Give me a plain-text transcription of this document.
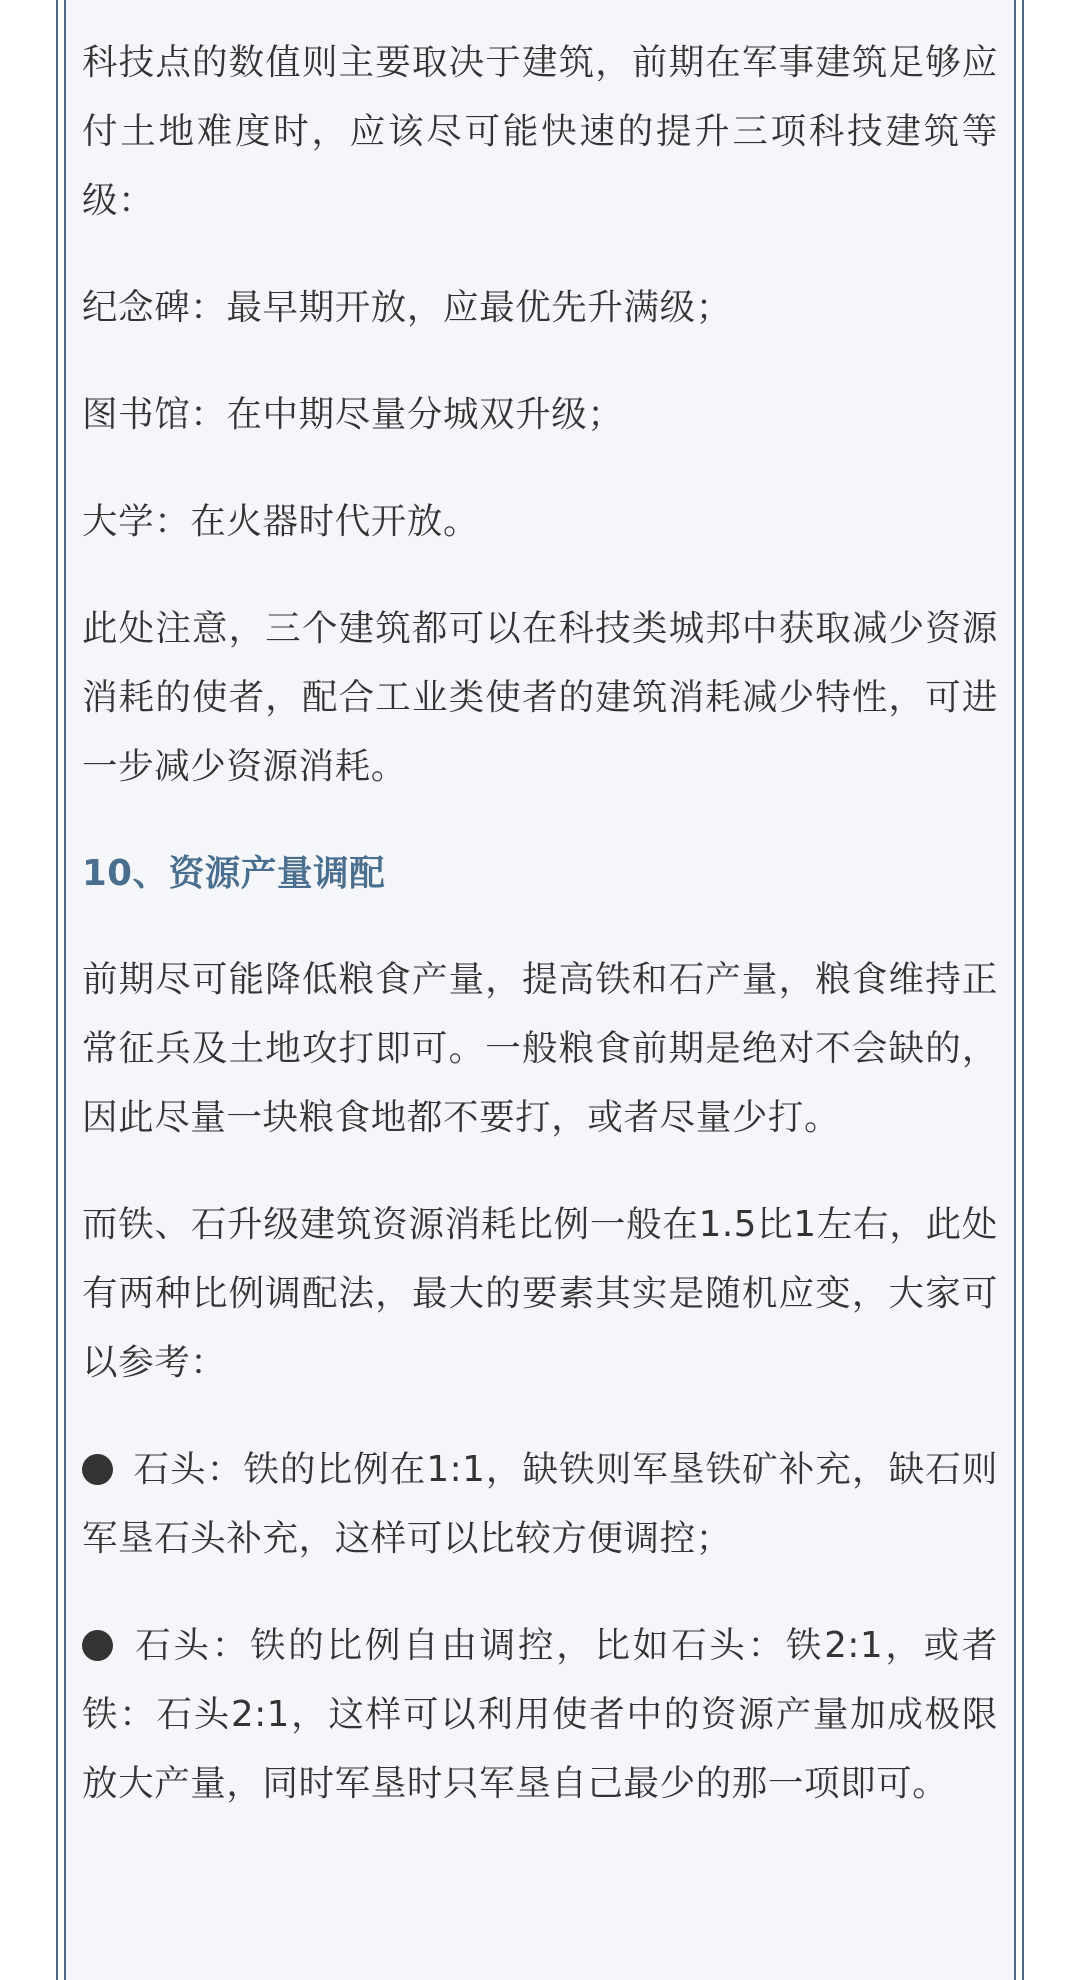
科技点的数值则主要取决于建筑，前期在军事建筑足够应付土地难度时，应该尽可能快速的提升三项科技建筑等级：

纪念碑：最早期开放，应最优先升满级；

图书馆：在中期尽量分城双升级；

大学：在火器时代开放。

此处注意，三个建筑都可以在科技类城邦中获取减少资源消耗的使者，配合工业类使者的建筑消耗减少特性，可进一步减少资源消耗。

10、资源产量调配

前期尽可能降低粮食产量，提高铁和石产量，粮食维持正常征兵及土地攻打即可。一般粮食前期是绝对不会缺的，因此尽量一块粮食地都不要打，或者尽量少打。

而铁、石升级建筑资源消耗比例一般在1.5比1左右，此处有两种比例调配法，最大的要素其实是随机应变，大家可以参考：

石头：铁的比例在1:1，缺铁则军垦铁矿补充，缺石则军垦石头补充，这样可以比较方便调控；

石头：铁的比例自由调控，比如石头：铁2:1，或者铁：石头2:1，这样可以利用使者中的资源产量加成极限放大产量，同时军垦时只军垦自己最少的那一项即可。
